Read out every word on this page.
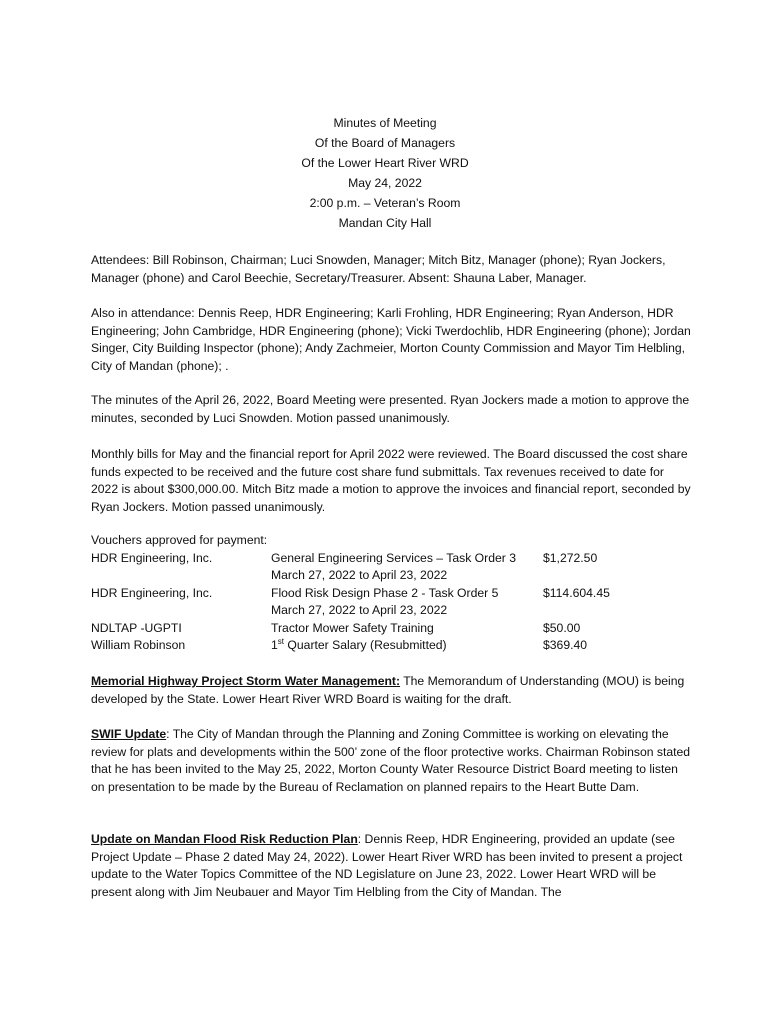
Minutes of Meeting
Of the Board of Managers
Of the Lower Heart River WRD
May 24, 2022
2:00 p.m. – Veteran’s Room
Mandan City Hall

Attendees: Bill Robinson, Chairman; Luci Snowden, Manager; Mitch Bitz, Manager (phone); Ryan Jockers, Manager (phone) and Carol Beechie, Secretary/Treasurer. Absent: Shauna Laber, Manager.

Also in attendance: Dennis Reep, HDR Engineering; Karli Frohling, HDR Engineering; Ryan Anderson, HDR Engineering; John Cambridge, HDR Engineering (phone); Vicki Twerdochlib, HDR Engineering (phone); Jordan Singer, City Building Inspector (phone); Andy Zachmeier, Morton County Commission and Mayor Tim Helbling, City of Mandan (phone); .

The minutes of the April 26, 2022, Board Meeting were presented. Ryan Jockers made a motion to approve the minutes, seconded by Luci Snowden. Motion passed unanimously.

Monthly bills for May and the financial report for April 2022 were reviewed. The Board discussed the cost share funds expected to be received and the future cost share fund submittals. Tax revenues received to date for 2022 is about $300,000.00. Mitch Bitz made a motion to approve the invoices and financial report, seconded by Ryan Jockers. Motion passed unanimously.

Vouchers approved for payment:
HDR Engineering, Inc.	General Engineering Services – Task Order 3 $1,272.50
March 27, 2022 to April 23, 2022
HDR Engineering, Inc.	Flood Risk Design Phase 2 - Task Order 5	$114.604.45
March 27, 2022 to April 23, 2022
NDLTAP -UGPTI	Tractor Mower Safety Training	$50.00
William Robinson	1st Quarter Salary (Resubmitted)	$369.40

Memorial Highway Project Storm Water Management: The Memorandum of Understanding (MOU) is being developed by the State. Lower Heart River WRD Board is waiting for the draft.

SWIF Update: The City of Mandan through the Planning and Zoning Committee is working on elevating the review for plats and developments within the 500’ zone of the floor protective works. Chairman Robinson stated that he has been invited to the May 25, 2022, Morton County Water Resource District Board meeting to listen on presentation to be made by the Bureau of Reclamation on planned repairs to the Heart Butte Dam.

Update on Mandan Flood Risk Reduction Plan: Dennis Reep, HDR Engineering, provided an update (see Project Update – Phase 2 dated May 24, 2022). Lower Heart River WRD has been invited to present a project update to the Water Topics Committee of the ND Legislature on June 23, 2022. Lower Heart WRD will be present along with Jim Neubauer and Mayor Tim Helbling from the City of Mandan. The
